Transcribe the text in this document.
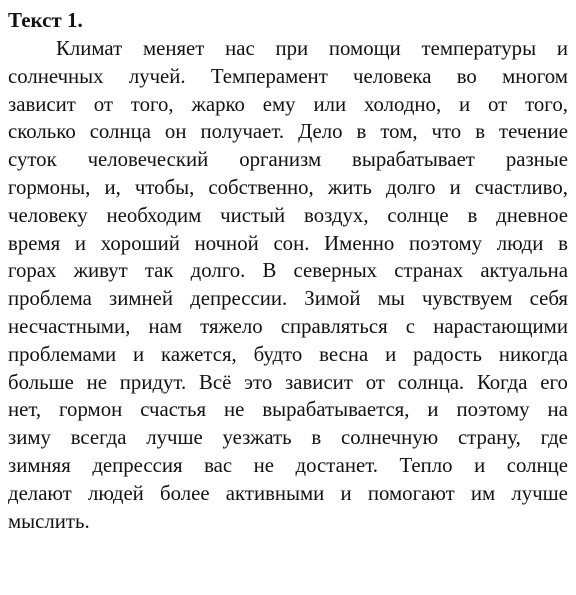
Текст 1.
Климат меняет нас при помощи температуры и
солнечных лучей. Темперамент человека во многом
зависит от того, жарко ему или холодно, и от того,
сколько солнца он получает. Дело в том, что в течение
суток человеческий организм вырабатывает разные
гормоны, и, чтобы, собственно, жить долго и счастливо,
человеку необходим чистый воздух, солнце в дневное
время и хороший ночной сон. Именно поэтому люди в
горах живут так долго. В северных странах актуальна
проблема зимней депрессии. Зимой мы чувствуем себя
несчастными, нам тяжело справляться с нарастающими
проблемами и кажется, будто весна и радость никогда
больше не придут. Всё это зависит от солнца. Когда его
нет, гормон счастья не вырабатывается, и поэтому на
зиму всегда лучше уезжать в солнечную страну, где
зимняя депрессия вас не достанет. Тепло и солнце
делают людей более активными и помогают им лучше
мыслить.
